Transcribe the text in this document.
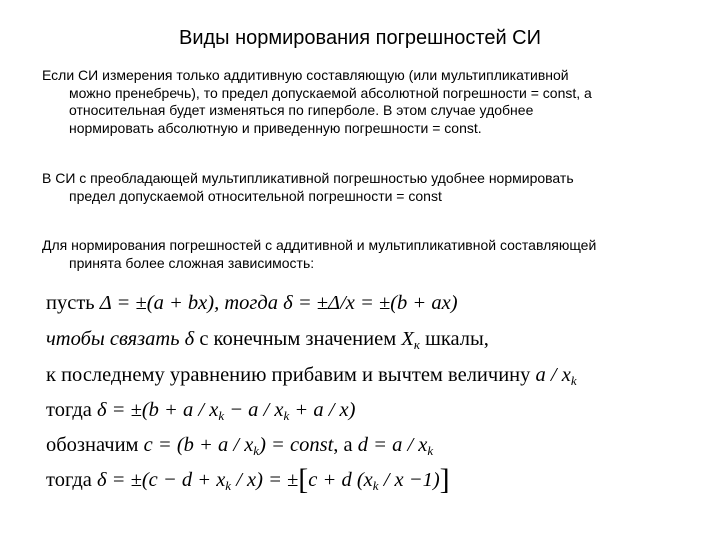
Виды нормирования погрешностей СИ
Если СИ измерения только аддитивную составляющую (или мультипликативной
можно пренебречь), то предел допускаемой абсолютной погрешности = const, а
относительная будет изменяться по гиперболе. В этом случае удобнее
нормировать абсолютную и приведенную погрешности = const.
В СИ с преобладающей мультипликативной погрешностью удобнее нормировать
предел допускаемой относительной погрешности = const
Для нормирования погрешностей с аддитивной и мультипликативной составляющей
принята более сложная зависимость:
пусть Δ = ±(a + bx), тогда δ = ±Δ/x = ±(b + ax)
чтобы связать δ с конечным значением $X_к$ шкалы,
к последнему уравнению прибавим и вычтем величину a / $x_k$
тогда $\delta = \pm(b + a / x_k - a / x_k + a / x)$
обозначим $c = (b + a / x_k)$ = const, а $d = a / x_k$
тогда $\delta = \pm(c - d + x_k / x) = \pm[c + d$ $(x_k / x -1)$]
